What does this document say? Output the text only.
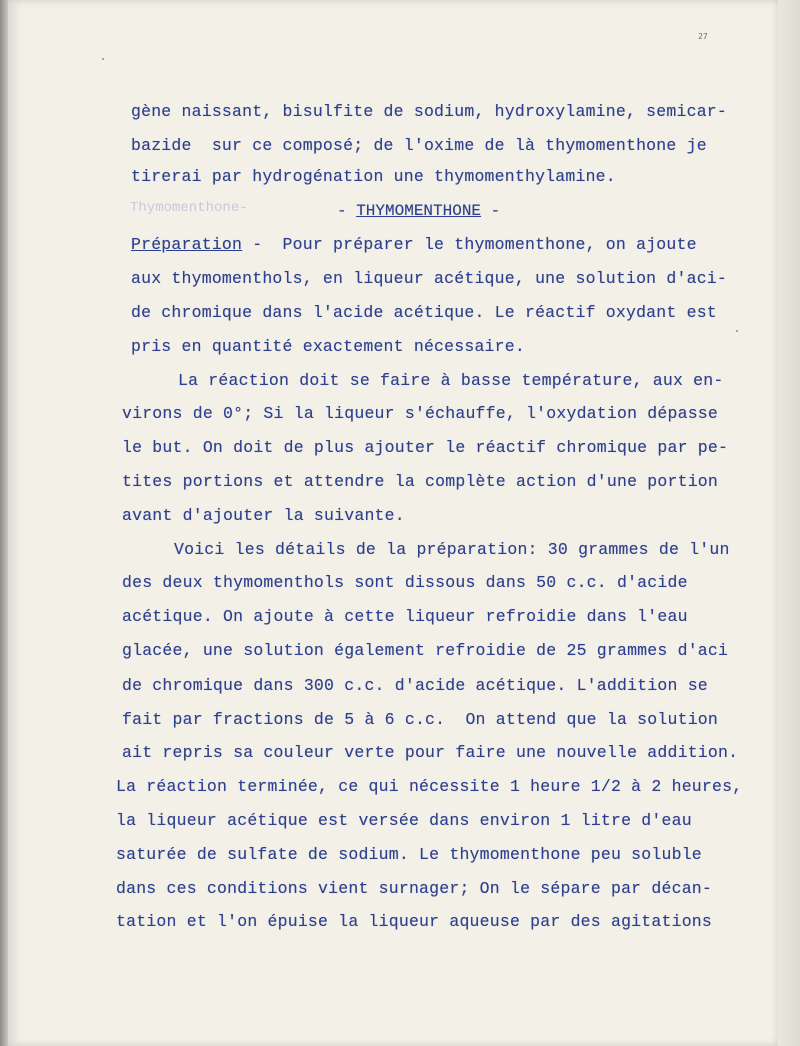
27
Thymomenthone-
gène naissant, bisulfite de sodium, hydroxylamine, semicar-
bazide  sur ce composé; de l'oxime de là thymomenthone je
tirerai par hydrogénation une thymomenthylamine.
- THYMOMENTHONE -
Préparation -  Pour préparer le thymomenthone, on ajoute
aux thymomenthols, en liqueur acétique, une solution d'aci-
de chromique dans l'acide acétique. Le réactif oxydant est
pris en quantité exactement nécessaire.
La réaction doit se faire à basse température, aux en-
virons de 0°; Si la liqueur s'échauffe, l'oxydation dépasse
le but. On doit de plus ajouter le réactif chromique par pe-
tites portions et attendre la complète action d'une portion
avant d'ajouter la suivante.
Voici les détails de la préparation: 30 grammes de l'un
des deux thymomenthols sont dissous dans 50 c.c. d'acide
acétique. On ajoute à cette liqueur refroidie dans l'eau
glacée, une solution également refroidie de 25 grammes d'aci
de chromique dans 300 c.c. d'acide acétique. L'addition se
fait par fractions de 5 à 6 c.c.  On attend que la solution
ait repris sa couleur verte pour faire une nouvelle addition.
La réaction terminée, ce qui nécessite 1 heure 1/2 à 2 heures,
la liqueur acétique est versée dans environ 1 litre d'eau
saturée de sulfate de sodium. Le thymomenthone peu soluble
dans ces conditions vient surnager; On le sépare par décan-
tation et l'on épuise la liqueur aqueuse par des agitations
